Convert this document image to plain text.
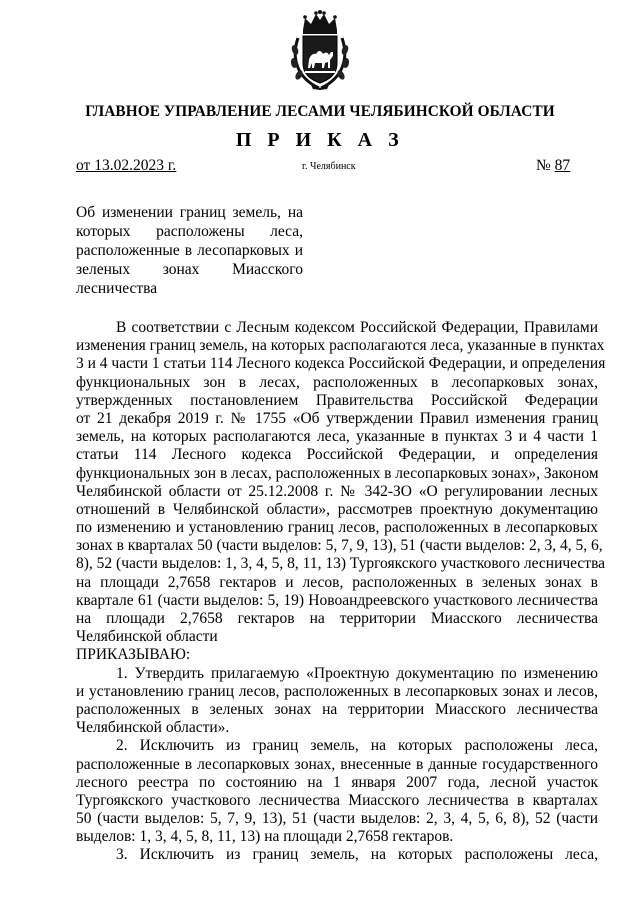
ГЛАВНОЕ УПРАВЛЕНИЕ ЛЕСАМИ ЧЕЛЯБИНСКОЙ ОБЛАСТИ
П Р И К А З
от 13.02.2023 г.	г. Челябинск	№ 87
Об изменении границ земель, на
которых расположены леса,
расположенные в лесопарковых и
зеленых зонах Миасского
лесничества
В соответствии с Лесным кодексом Российской Федерации, Правилами
изменения границ земель, на которых располагаются леса, указанные в пунктах
3 и 4 части 1 статьи 114 Лесного кодекса Российской Федерации, и определения
функциональных зон в лесах, расположенных в лесопарковых зонах,
утвержденных постановлением Правительства Российской Федерации
от 21 декабря 2019 г. № 1755 «Об утверждении Правил изменения границ
земель, на которых располагаются леса, указанные в пунктах 3 и 4 части 1
статьи 114 Лесного кодекса Российской Федерации, и определения
функциональных зон в лесах, расположенных в лесопарковых зонах», Законом
Челябинской области от 25.12.2008 г. № 342-ЗО «О регулировании лесных
отношений в Челябинской области», рассмотрев проектную документацию
по изменению и установлению границ лесов, расположенных в лесопарковых
зонах в кварталах 50 (части выделов: 5, 7, 9, 13), 51 (части выделов: 2, 3, 4, 5, 6,
8), 52 (части выделов: 1, 3, 4, 5, 8, 11, 13) Тургоякского участкового лесничества
на площади 2,7658 гектаров и лесов, расположенных в зеленых зонах в
квартале 61 (части выделов: 5, 19) Новоандреевского участкового лесничества
на площади 2,7658 гектаров на территории Миасского лесничества
Челябинской области
ПРИКАЗЫВАЮ:
1. Утвердить прилагаемую «Проектную документацию по изменению
и установлению границ лесов, расположенных в лесопарковых зонах и лесов,
расположенных в зеленых зонах на территории Миасского лесничества
Челябинской области».
2. Исключить из границ земель, на которых расположены леса,
расположенные в лесопарковых зонах, внесенные в данные государственного
лесного реестра по состоянию на 1 января 2007 года, лесной участок
Тургоякского участкового лесничества Миасского лесничества в кварталах
50 (части выделов: 5, 7, 9, 13), 51 (части выделов: 2, 3, 4, 5, 6, 8), 52 (части
выделов: 1, 3, 4, 5, 8, 11, 13) на площади 2,7658 гектаров.
3. Исключить из границ земель, на которых расположены леса,
